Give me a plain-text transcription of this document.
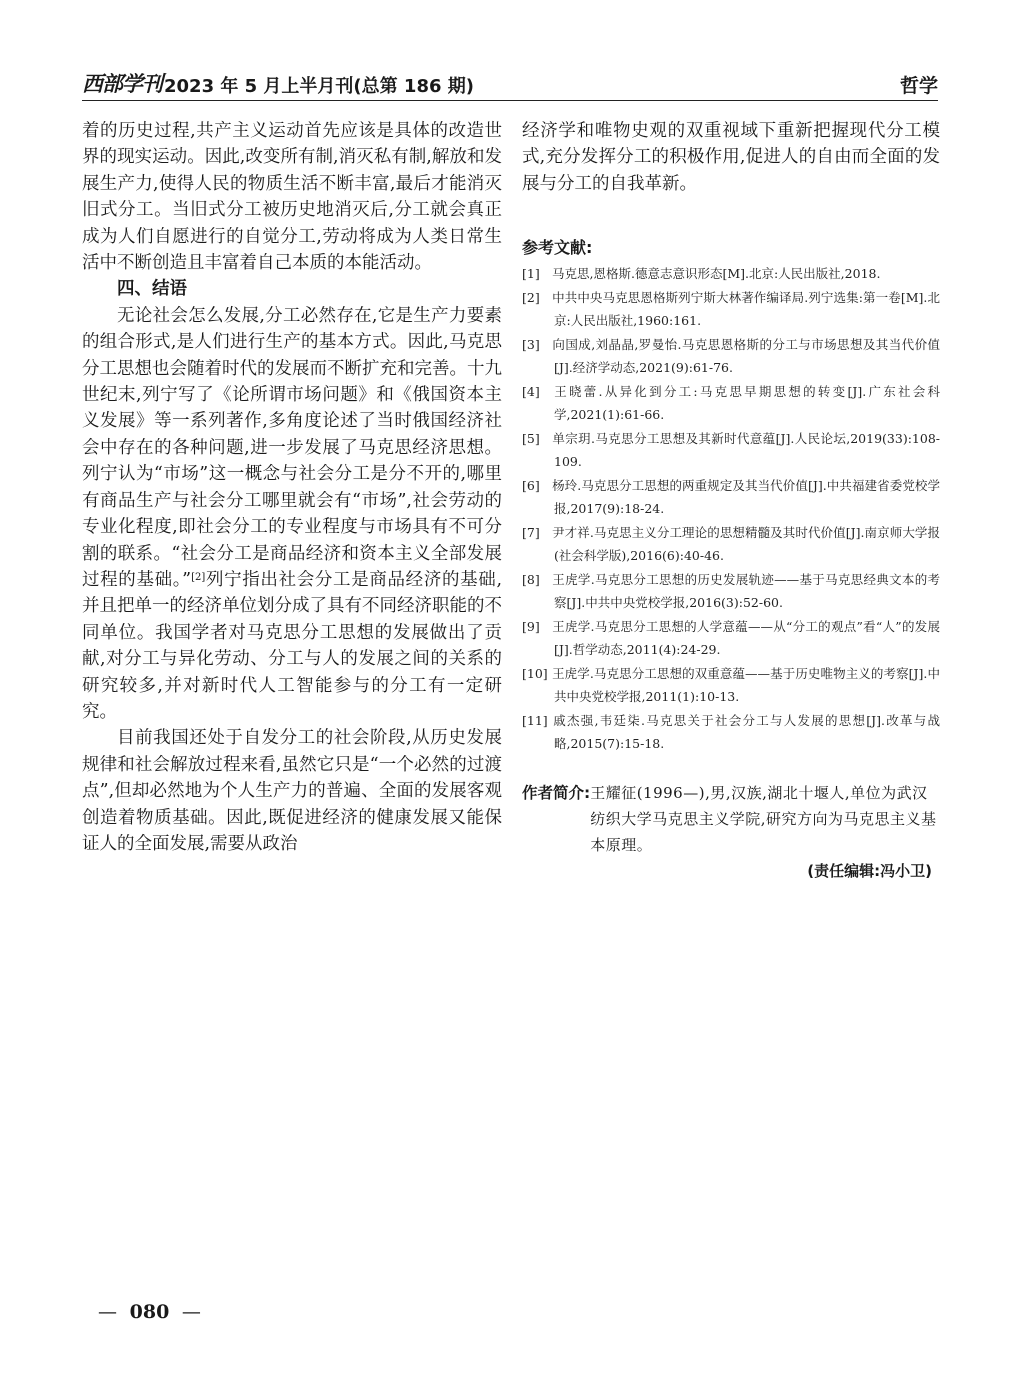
西部学刊 2023 年 5 月上半月刊(总第 186 期)	哲学

着的历史过程,共产主义运动首先应该是具体的改造世界的现实运动。因此,改变所有制,消灭私有制,解放和发展生产力,使得人民的物质生活不断丰富,最后才能消灭旧式分工。当旧式分工被历史地消灭后,分工就会真正成为人们自愿进行的自觉分工,劳动将成为人类日常生活中不断创造且丰富着自己本质的本能活动。

四、结语

无论社会怎么发展,分工必然存在,它是生产力要素的组合形式,是人们进行生产的基本方式。因此,马克思分工思想也会随着时代的发展而不断扩充和完善。十九世纪末,列宁写了《论所谓市场问题》和《俄国资本主义发展》等一系列著作,多角度论述了当时俄国经济社会中存在的各种问题,进一步发展了马克思经济思想。列宁认为“市场”这一概念与社会分工是分不开的,哪里有商品生产与社会分工哪里就会有“市场”,社会劳动的专业化程度,即社会分工的专业程度与市场具有不可分割的联系。“社会分工是商品经济和资本主义全部发展过程的基础。”[2]列宁指出社会分工是商品经济的基础,并且把单一的经济单位划分成了具有不同经济职能的不同单位。我国学者对马克思分工思想的发展做出了贡献,对分工与异化劳动、分工与人的发展之间的关系的研究较多,并对新时代人工智能参与的分工有一定研究。

目前我国还处于自发分工的社会阶段,从历史发展规律和社会解放过程来看,虽然它只是“一个必然的过渡点”,但却必然地为个人生产力的普遍、全面的发展客观创造着物质基础。因此,既促进经济的健康发展又能保证人的全面发展,需要从政治

经济学和唯物史观的双重视域下重新把握现代分工模式,充分发挥分工的积极作用,促进人的自由而全面的发展与分工的自我革新。

参考文献:
[1] 马克思,恩格斯.德意志意识形态[M].北京:人民出版社,2018.
[2] 中共中央马克思恩格斯列宁斯大林著作编译局.列宁选集:第一卷[M].北京:人民出版社,1960:161.
[3] 向国成,刘晶晶,罗曼怡.马克思恩格斯的分工与市场思想及其当代价值[J].经济学动态,2021(9):61-76.
[4] 王晓蕾.从异化到分工:马克思早期思想的转变[J].广东社会科学,2021(1):61-66.
[5] 单宗玥.马克思分工思想及其新时代意蕴[J].人民论坛,2019(33):108-109.
[6] 杨玲.马克思分工思想的两重规定及其当代价值[J].中共福建省委党校学报,2017(9):18-24.
[7] 尹才祥.马克思主义分工理论的思想精髓及其时代价值[J].南京师大学报(社会科学版),2016(6):40-46.
[8] 王虎学.马克思分工思想的历史发展轨迹——基于马克思经典文本的考察[J].中共中央党校学报,2016(3):52-60.
[9] 王虎学.马克思分工思想的人学意蕴——从“分工的观点”看“人”的发展[J].哲学动态,2011(4):24-29.
[10] 王虎学.马克思分工思想的双重意蕴——基于历史唯物主义的考察[J].中共中央党校学报,2011(1):10-13.
[11] 戚杰强,韦廷柒.马克思关于社会分工与人发展的思想[J].改革与战略,2015(7):15-18.
作者简介: 王耀征(1996—),男,汉族,湖北十堰人,单位为武汉纺织大学马克思主义学院,研究方向为马克思主义基本原理。
(责任编辑:冯小卫)
— 080 —
